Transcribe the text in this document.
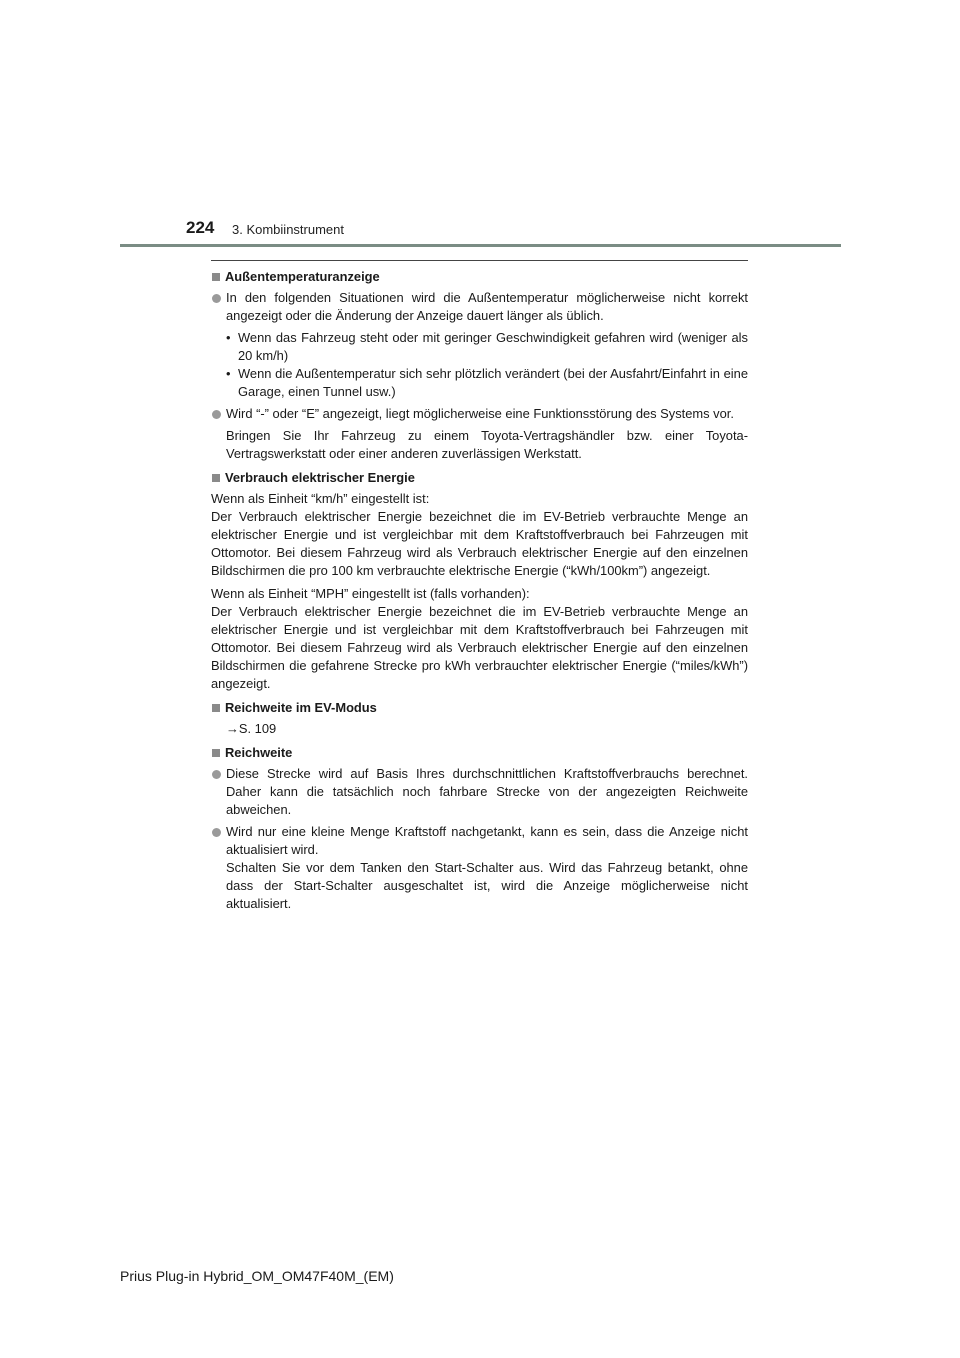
224 3. Kombiinstrument
Außentemperaturanzeige
In den folgenden Situationen wird die Außentemperatur möglicherweise nicht korrekt angezeigt oder die Änderung der Anzeige dauert länger als üblich.
• Wenn das Fahrzeug steht oder mit geringer Geschwindigkeit gefahren wird (weniger als 20 km/h)
• Wenn die Außentemperatur sich sehr plötzlich verändert (bei der Ausfahrt/Einfahrt in eine Garage, einen Tunnel usw.)
Wird “-” oder “E” angezeigt, liegt möglicherweise eine Funktionsstörung des Systems vor.
Bringen Sie Ihr Fahrzeug zu einem Toyota-Vertragshändler bzw. einer Toyota-Vertragswerkstatt oder einer anderen zuverlässigen Werkstatt.
Verbrauch elektrischer Energie
Wenn als Einheit “km/h” eingestellt ist:
Der Verbrauch elektrischer Energie bezeichnet die im EV-Betrieb verbrauchte Menge an elektrischer Energie und ist vergleichbar mit dem Kraftstoffverbrauch bei Fahrzeugen mit Ottomotor. Bei diesem Fahrzeug wird als Verbrauch elektrischer Energie auf den einzelnen Bildschirmen die pro 100 km verbrauchte elektrische Energie (“kWh/100km”) angezeigt.
Wenn als Einheit “MPH” eingestellt ist (falls vorhanden):
Der Verbrauch elektrischer Energie bezeichnet die im EV-Betrieb verbrauchte Menge an elektrischer Energie und ist vergleichbar mit dem Kraftstoffverbrauch bei Fahrzeugen mit Ottomotor. Bei diesem Fahrzeug wird als Verbrauch elektrischer Energie auf den einzelnen Bildschirmen die gefahrene Strecke pro kWh verbrauchter elektrischer Energie (“miles/kWh”) angezeigt.
Reichweite im EV-Modus
→S. 109
Reichweite
Diese Strecke wird auf Basis Ihres durchschnittlichen Kraftstoffverbrauchs berechnet. Daher kann die tatsächlich noch fahrbare Strecke von der angezeigten Reichweite abweichen.
Wird nur eine kleine Menge Kraftstoff nachgetankt, kann es sein, dass die Anzeige nicht aktualisiert wird.
Schalten Sie vor dem Tanken den Start-Schalter aus. Wird das Fahrzeug betankt, ohne dass der Start-Schalter ausgeschaltet ist, wird die Anzeige möglicherweise nicht aktualisiert.
Prius Plug-in Hybrid_OM_OM47F40M_(EM)
